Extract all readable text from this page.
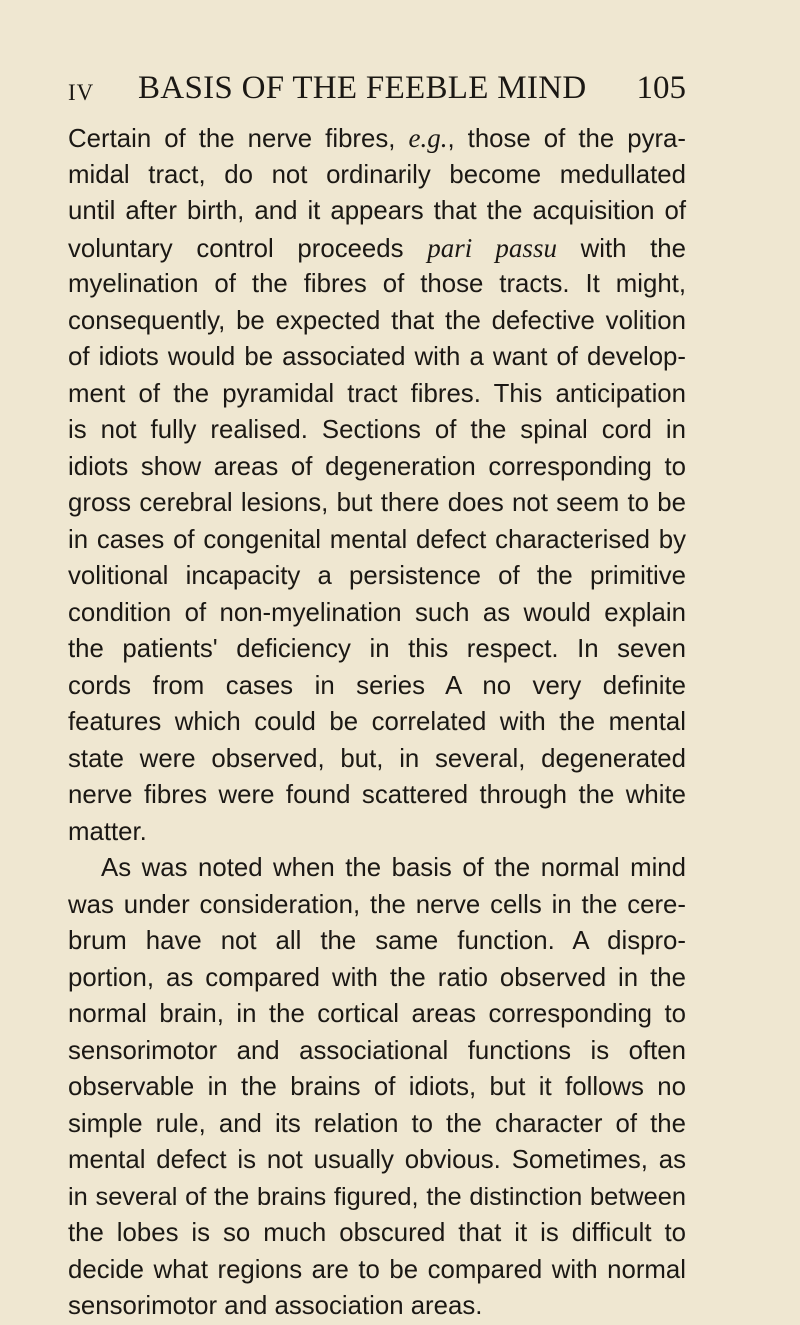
IV BASIS OF THE FEEBLE MIND 105
Certain of the nerve fibres, e.g., those of the pyra-
midal tract, do not ordinarily become medullated
until after birth, and it appears that the acquisition of
voluntary control proceeds pari passu with the
myelination of the fibres of those tracts. It might,
consequently, be expected that the defective volition
of idiots would be associated with a want of develop-
ment of the pyramidal tract fibres. This anticipation
is not fully realised. Sections of the spinal cord in
idiots show areas of degeneration corresponding to
gross cerebral lesions, but there does not seem to be
in cases of congenital mental defect characterised by
volitional incapacity a persistence of the primitive
condition of non-myelination such as would explain
the patients' deficiency in this respect. In seven
cords from cases in series A no very definite
features which could be correlated with the mental
state were observed, but, in several, degenerated
nerve fibres were found scattered through the white
matter.
As was noted when the basis of the normal mind
was under consideration, the nerve cells in the cere-
brum have not all the same function. A dispro-
portion, as compared with the ratio observed in the
normal brain, in the cortical areas corresponding to
sensorimotor and associational functions is often
observable in the brains of idiots, but it follows no
simple rule, and its relation to the character of the
mental defect is not usually obvious. Sometimes, as
in several of the brains figured, the distinction between
the lobes is so much obscured that it is difficult to
decide what regions are to be compared with normal
sensorimotor and association areas.
